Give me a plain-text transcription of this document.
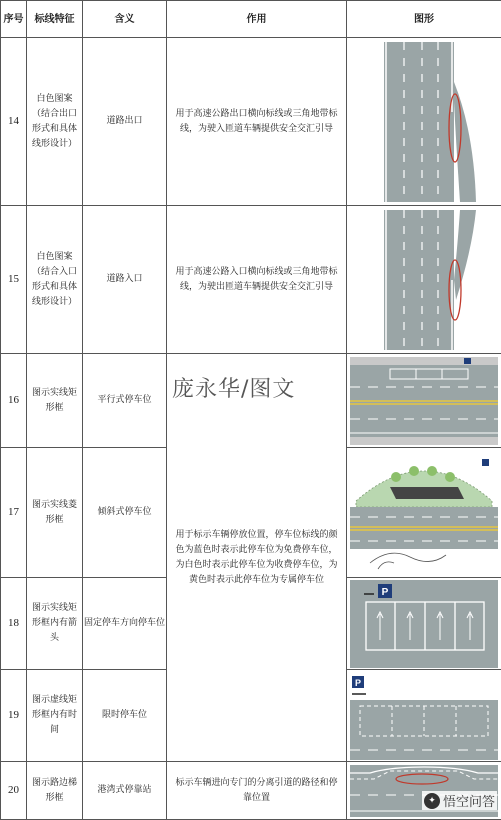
序号	标线特征	含义	作用	图形
14	白色图案（结合出口形式和具体线形设计）	道路出口	用于高速公路出口横向标线或三角地带标线，为驶入匝道车辆提供安全交汇引导	

15	白色图案（结合入口形式和具体线形设计）	道路入口	用于高速公路入口横向标线或三角地带标线，为驶出匝道车辆提供安全交汇引导	

16	图示实线矩形框	平行式停车位	用于标示车辆停放位置，停车位标线的颜色为蓝色时表示此停车位为免费停车位，为白色时表示此停车位为收费停车位，为黄色时表示此停车位为专属停车位	

17	图示实线菱形框	倾斜式停车位	

18	图示实线矩形框内有箭头	固定停车方向停车位		P

19	图示虚线矩形框内有时间	限时停车位		P

20	图示路边梯形框	港湾式停靠站	标示车辆进向专门的分离引道的路径和停靠位置	
庞永华/图文
✦ 悟空问答
